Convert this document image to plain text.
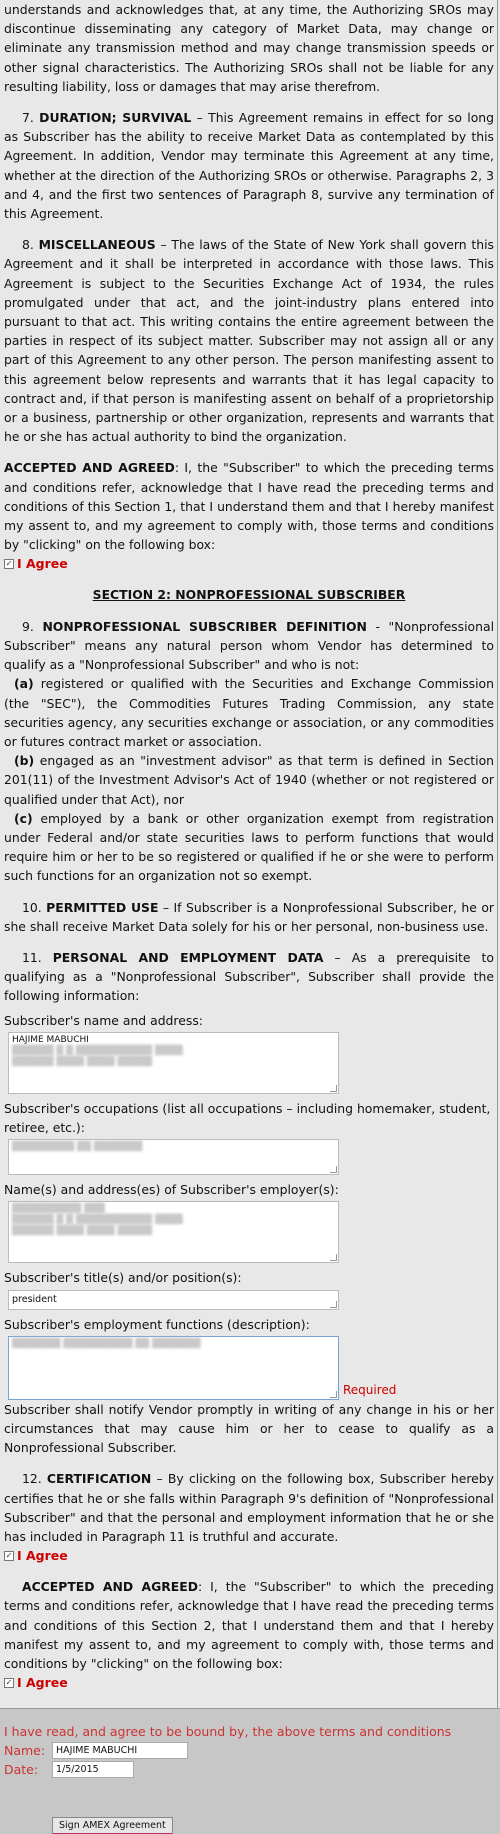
understands and acknowledges that, at any time, the Authorizing SROs may discontinue disseminating any category of Market Data, may change or eliminate any transmission method and may change transmission speeds or other signal characteristics. The Authorizing SROs shall not be liable for any resulting liability, loss or damages that may arise therefrom.

7. DURATION; SURVIVAL – This Agreement remains in effect for so long as Subscriber has the ability to receive Market Data as contemplated by this Agreement. In addition, Vendor may terminate this Agreement at any time, whether at the direction of the Authorizing SROs or otherwise. Paragraphs 2, 3 and 4, and the first two sentences of Paragraph 8, survive any termination of this Agreement.

8. MISCELLANEOUS – The laws of the State of New York shall govern this Agreement and it shall be interpreted in accordance with those laws. This Agreement is subject to the Securities Exchange Act of 1934, the rules promulgated under that act, and the joint-industry plans entered into pursuant to that act. This writing contains the entire agreement between the parties in respect of its subject matter. Subscriber may not assign all or any part of this Agreement to any other person. The person manifesting assent to this agreement below represents and warrants that it has legal capacity to contract and, if that person is manifesting assent on behalf of a proprietorship or a business, partnership or other organization, represents and warrants that he or she has actual authority to bind the organization.

ACCEPTED AND AGREED: I, the "Subscriber" to which the preceding terms and conditions refer, acknowledge that I have read the preceding terms and conditions of this Section 1, that I understand them and that I hereby manifest my assent to, and my agreement to comply with, those terms and conditions by "clicking" on the following box:

✓ I Agree

SECTION 2: NONPROFESSIONAL SUBSCRIBER

9. NONPROFESSIONAL SUBSCRIBER DEFINITION - "Nonprofessional Subscriber" means any natural person whom Vendor has determined to qualify as a "Nonprofessional Subscriber" and who is not:

(a) registered or qualified with the Securities and Exchange Commission (the "SEC"), the Commodities Futures Trading Commission, any state securities agency, any securities exchange or association, or any commodities or futures contract market or association.

(b) engaged as an "investment advisor" as that term is defined in Section 201(11) of the Investment Advisor's Act of 1940 (whether or not registered or qualified under that Act), nor

(c) employed by a bank or other organization exempt from registration under Federal and/or state securities laws to perform functions that would require him or her to be so registered or qualified if he or she were to perform such functions for an organization not so exempt.

10. PERMITTED USE – If Subscriber is a Nonprofessional Subscriber, he or she shall receive Market Data solely for his or her personal, non-business use.

11. PERSONAL AND EMPLOYMENT DATA – As a prerequisite to qualifying as a "Nonprofessional Subscriber", Subscriber shall provide the following information:

Subscriber's name and address:

HAJIME MABUCHI
██████ █ █ ███████████ ████
██████ ████ ████ █████

Subscriber's occupations (list all occupations – including homemaker, student, retiree, etc.):

█████████ ██ ███████

Name(s) and address(es) of Subscriber's employer(s):

██████████ ███
██████ █ █ ███████████ ████
██████ ████ ████ █████

Subscriber's title(s) and/or position(s):

president

Subscriber's employment functions (description):

███████ ██████████ ██ ███████
Required

Subscriber shall notify Vendor promptly in writing of any change in his or her circumstances that may cause him or her to cease to qualify as a Nonprofessional Subscriber.

12. CERTIFICATION – By clicking on the following box, Subscriber hereby certifies that he or she falls within Paragraph 9's definition of "Nonprofessional Subscriber" and that the personal and employment information that he or she has included in Paragraph 11 is truthful and accurate.

✓ I Agree

ACCEPTED AND AGREED: I, the "Subscriber" to which the preceding terms and conditions refer, acknowledge that I have read the preceding terms and conditions of this Section 2, that I understand them and that I hereby manifest my assent to, and my agreement to comply with, those terms and conditions by "clicking" on the following box:

✓ I Agree
I have read, and agree to be bound by, the above terms and conditions
Name:	HAJIME MABUCHI
Date:	1/5/2015
Sign AMEX Agreement
